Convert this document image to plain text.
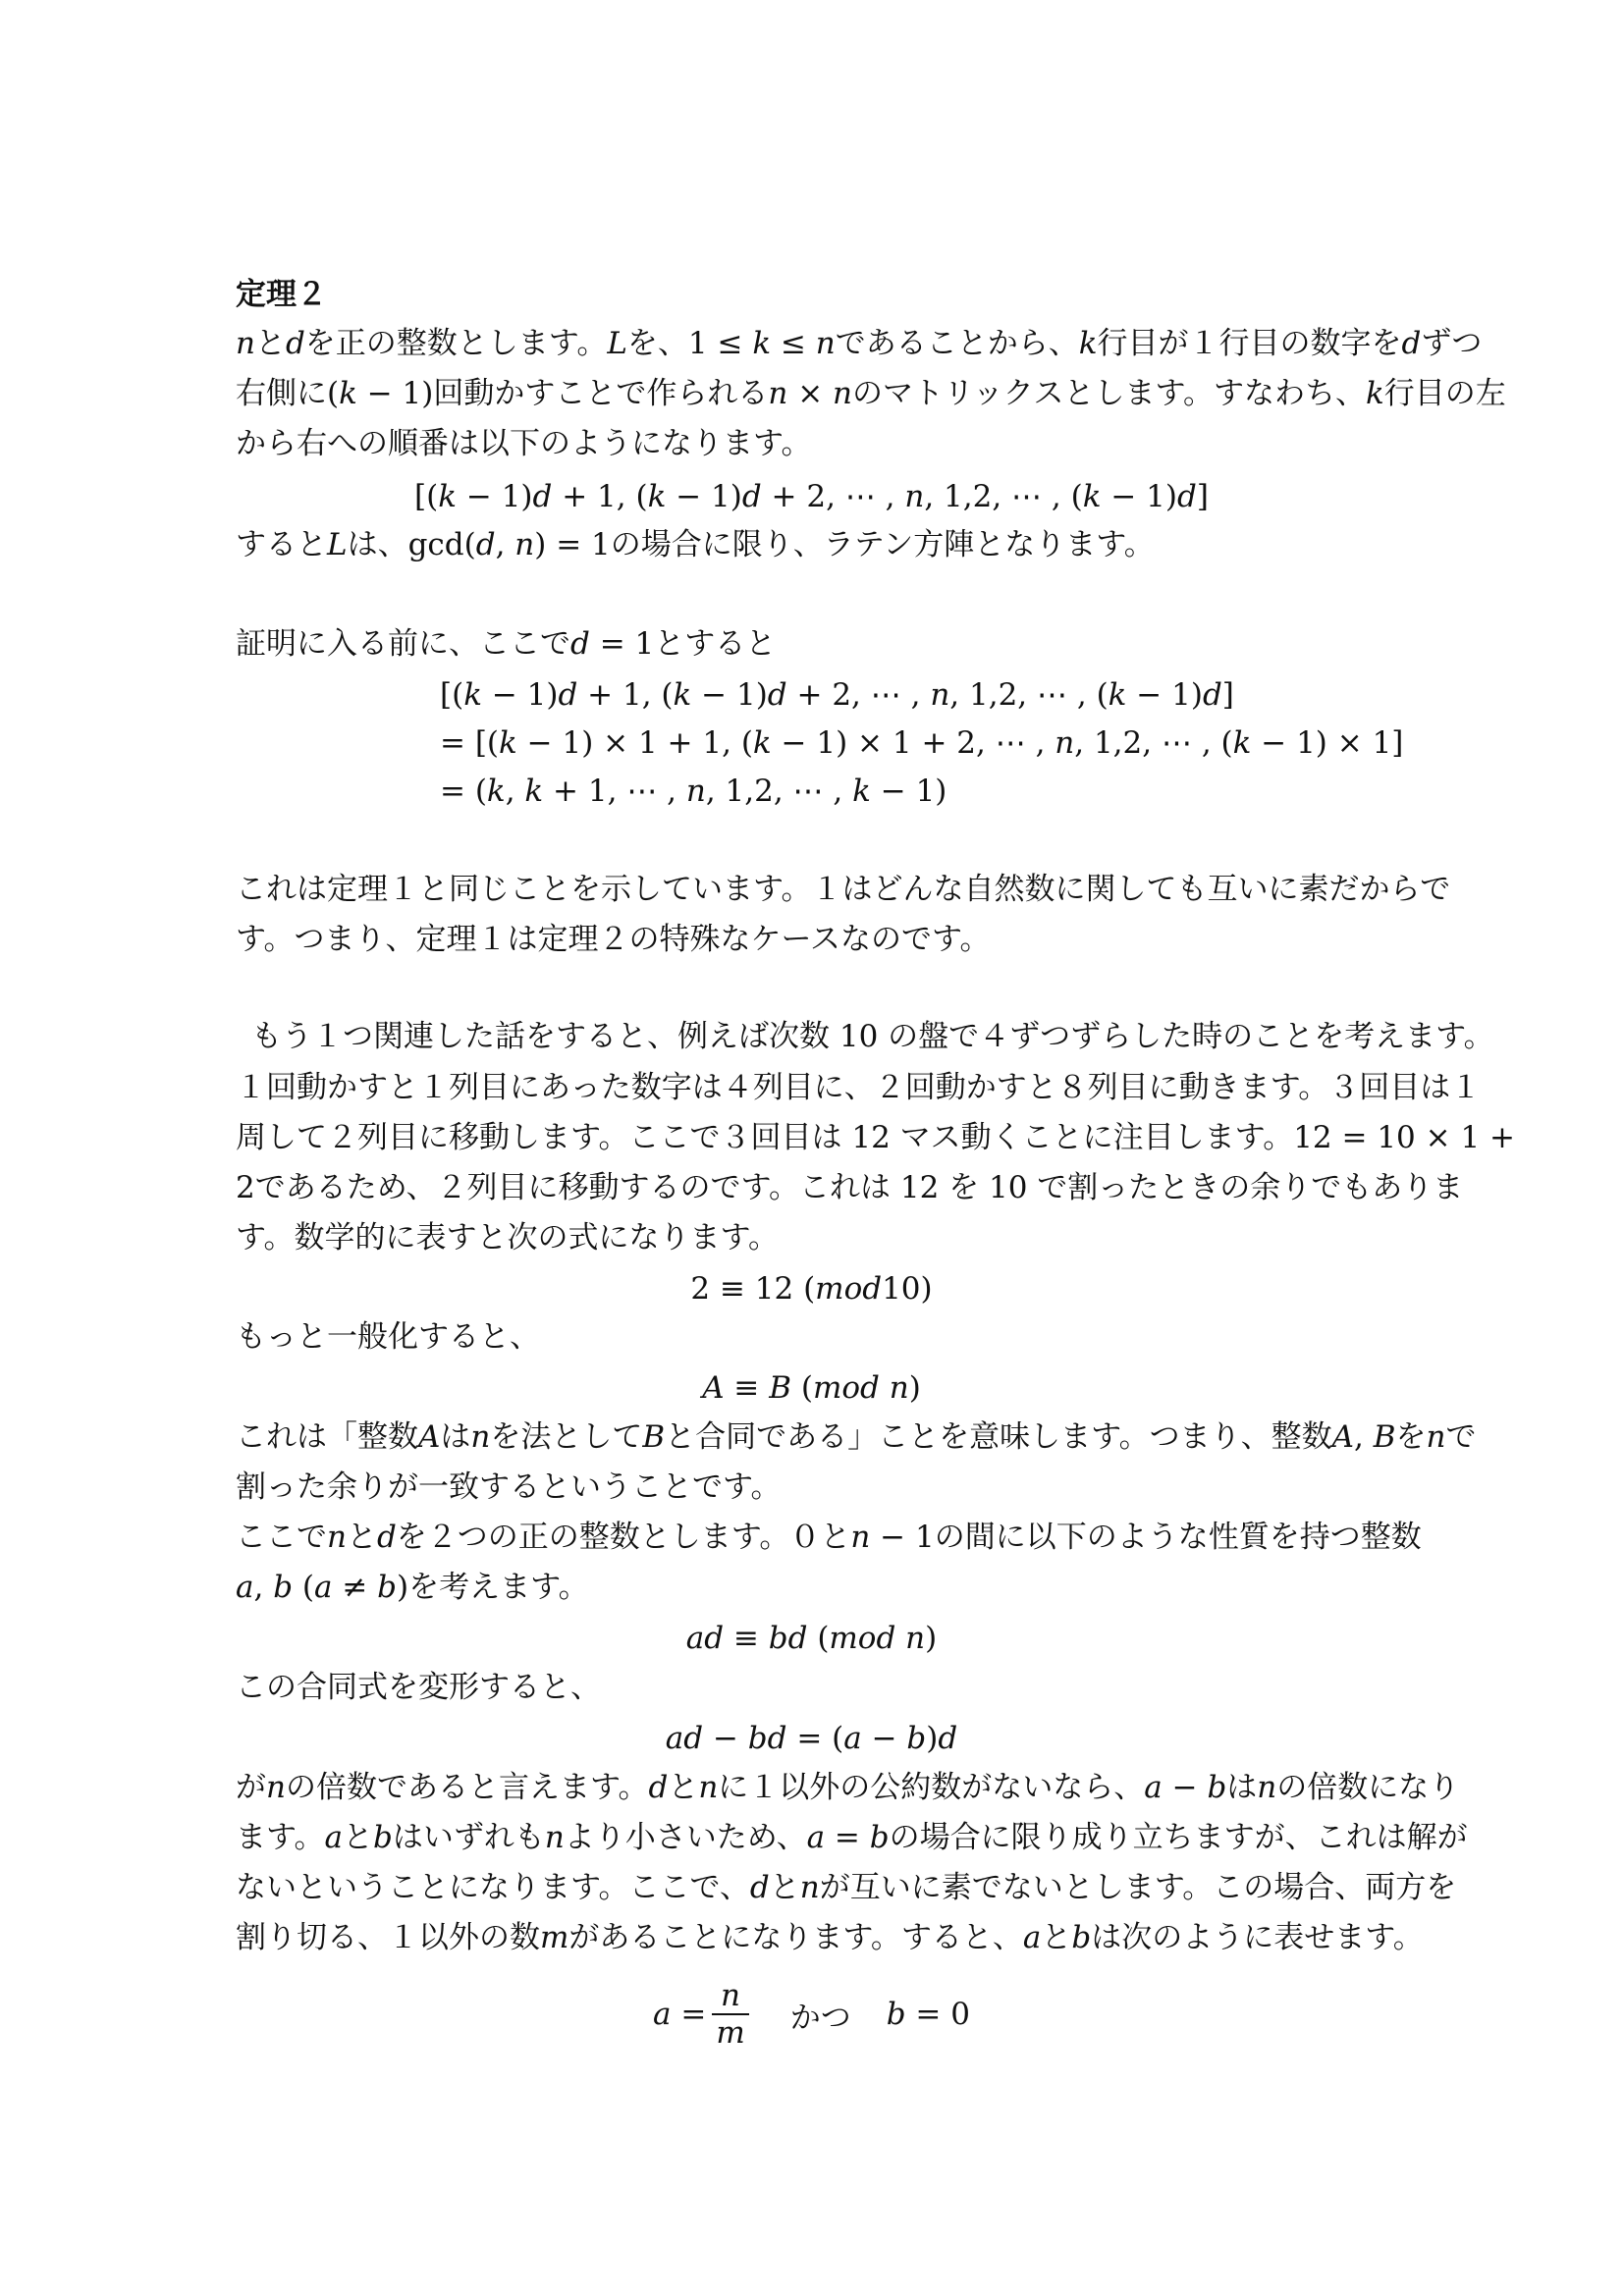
定理２
𝑛と𝑑を正の整数とします。𝐿を、1 ≤ 𝑘 ≤ 𝑛であることから、𝑘行目が１行目の数字を𝑑ずつ
右側に(𝑘 − 1)回動かすことで作られる𝑛 × 𝑛のマトリックスとします。すなわち、𝑘行目の左
から右への順番は以下のようになります。
[(𝑘 − 1)𝑑 + 1, (𝑘 − 1)𝑑 + 2, ⋯ , 𝑛, 1,2, ⋯ , (𝑘 − 1)𝑑]
すると𝐿は、gcd(𝑑, 𝑛) = 1の場合に限り、ラテン方陣となります。
証明に入る前に、ここで𝑑 = 1とすると
[(𝑘 − 1)𝑑 + 1, (𝑘 − 1)𝑑 + 2, ⋯ , 𝑛, 1,2, ⋯ , (𝑘 − 1)𝑑]
= [(𝑘 − 1) × 1 + 1, (𝑘 − 1) × 1 + 2, ⋯ , 𝑛, 1,2, ⋯ , (𝑘 − 1) × 1]
= (𝑘, 𝑘 + 1, ⋯ , 𝑛, 1,2, ⋯ , 𝑘 − 1)
これは定理１と同じことを示しています。１はどんな自然数に関しても互いに素だからで
す。つまり、定理１は定理２の特殊なケースなのです。
もう１つ関連した話をすると、例えば次数 10 の盤で４ずつずらした時のことを考えます。
１回動かすと１列目にあった数字は４列目に、２回動かすと８列目に動きます。３回目は１
周して２列目に移動します。ここで３回目は 12 マス動くことに注目します。12 = 10 × 1 +
2であるため、２列目に移動するのです。これは 12 を 10 で割ったときの余りでもありま
す。数学的に表すと次の式になります。
2 ≡ 12 (𝑚𝑜𝑑10)
もっと一般化すると、
𝐴 ≡ 𝐵 (𝑚𝑜𝑑 𝑛)
これは「整数𝐴は𝑛を法として𝐵と合同である」ことを意味します。つまり、整数𝐴, 𝐵を𝑛で
割った余りが一致するということです。
ここで𝑛と𝑑を２つの正の整数とします。０と𝑛 − 1の間に以下のような性質を持つ整数
𝑎, 𝑏 (𝑎 ≠ 𝑏)を考えます。
𝑎𝑑 ≡ 𝑏𝑑 (𝑚𝑜𝑑 𝑛)
この合同式を変形すると、
𝑎𝑑 − 𝑏𝑑 = (𝑎 − 𝑏)𝑑
が𝑛の倍数であると言えます。𝑑と𝑛に１以外の公約数がないなら、𝑎 − 𝑏は𝑛の倍数になり
ます。𝑎と𝑏はいずれも𝑛より小さいため、𝑎 = 𝑏の場合に限り成り立ちますが、これは解が
ないということになります。ここで、𝑑と𝑛が互いに素でないとします。この場合、両方を
割り切る、１以外の数𝑚があることになります。すると、𝑎と𝑏は次のように表せます。
𝑎 = $\frac{\text{𝑛}}{\text{𝑚}}$ かつ 𝑏 = 0
